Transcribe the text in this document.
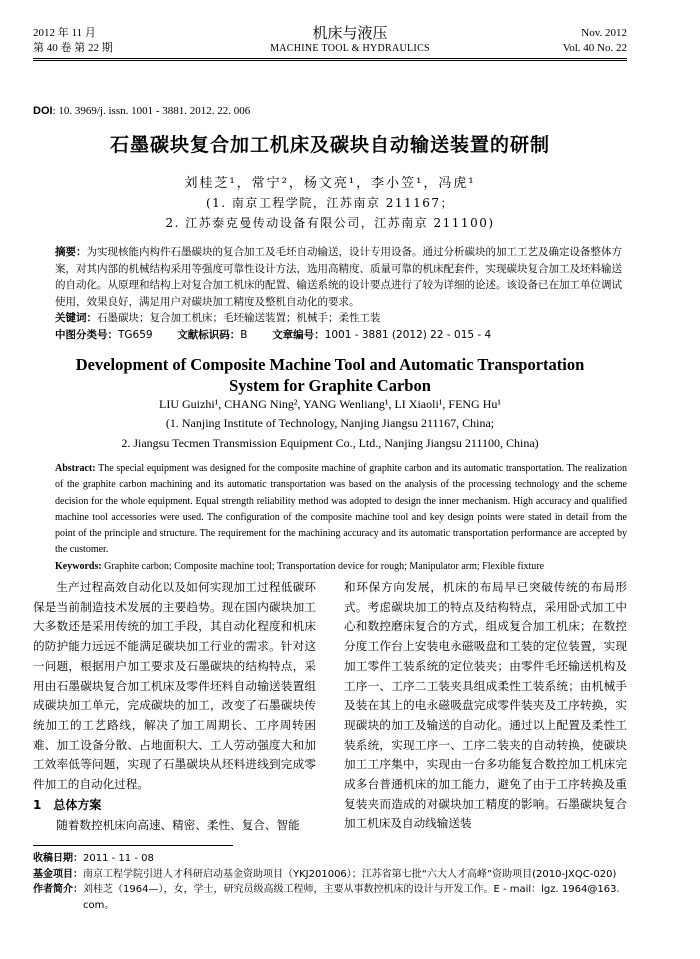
2012 年 11 月
第 40 卷 第 22 期
机床与液压
MACHINE TOOL & HYDRAULICS
Nov. 2012
Vol. 40 No. 22
DOI: 10. 3969/j. issn. 1001 - 3881. 2012. 22. 006
石墨碳块复合加工机床及碳块自动输送装置的研制
刘桂芝¹，常宁²，杨文亮¹，李小笠¹，冯虎¹
(1. 南京工程学院，江苏南京 211167；
2. 江苏泰克曼传动设备有限公司，江苏南京 211100)
摘要：为实现核能内构件石墨碳块的复合加工及毛坯自动输送，设计专用设备。通过分析碳块的加工工艺及确定设备整体方案，对其内部的机械结构采用等强度可靠性设计方法，选用高精度、质量可靠的机床配套件，实现碳块复合加工及坯料输送的自动化。从原理和结构上对复合加工机床的配置、输送系统的设计要点进行了较为详细的论述。该设备已在加工单位调试使用，效果良好，满足用户对碳块加工精度及整机自动化的要求。
关键词：石墨碳块；复合加工机床；毛坯输送装置；机械手；柔性工装
中图分类号：TG659 文献标识码：B 文章编号：1001 - 3881 (2012) 22 - 015 - 4
Development of Composite Machine Tool and Automatic Transportation
System for Graphite Carbon
LIU Guizhi¹, CHANG Ning², YANG Wenliang¹, LI Xiaoli¹, FENG Hu¹
(1. Nanjing Institute of Technology, Nanjing Jiangsu 211167, China;
2. Jiangsu Tecmen Transmission Equipment Co., Ltd., Nanjing Jiangsu 211100, China)
Abstract: The special equipment was designed for the composite machine of graphite carbon and its automatic transportation. The realization of the graphite carbon machining and its automatic transportation was based on the analysis of the processing technology and the scheme decision for the whole equipment. Equal strength reliability method was adopted to design the inner mechanism. High accuracy and qualified machine tool accessories were used. The configuration of the composite machine tool and key design points were stated in detail from the point of the principle and structure. The requirement for the machining accuracy and its automatic transportation performance are accepted by the customer.
Keywords: Graphite carbon; Composite machine tool; Transportation device for rough; Manipulator arm; Flexible fixture

生产过程高效自动化以及如何实现加工过程低碳环保是当前制造技术发展的主要趋势。现在国内碳块加工大多数还是采用传统的加工手段，其自动化程度和机床的防护能力远远不能满足碳块加工行业的需求。针对这一问题，根据用户加工要求及石墨碳块的结构特点，采用由石墨碳块复合加工机床及零件坯料自动输送装置组成碳块加工单元，完成碳块的加工，改变了石墨碳块传统加工的工艺路线，解决了加工周期长、工序周转困难、加工设备分散、占地面积大、工人劳动强度大和加工效率低等问题，实现了石墨碳块从坯料进线到完成零件加工的自动化过程。

1　总体方案

随着数控机床向高速、精密、柔性、复合、智能

和环保方向发展，机床的布局早已突破传统的布局形式。考虑碳块加工的特点及结构特点，采用卧式加工中心和数控磨床复合的方式，组成复合加工机床；在数控分度工作台上安装电永磁吸盘和工装的定位装置，实现加工零件工装系统的定位装夹；由零件毛坯输送机构及工序一、工序二工装夹具组成柔性工装系统；由机械手及装在其上的电永磁吸盘完成零件装夹及工序转换，实现碳块的加工及输送的自动化。通过以上配置及柔性工装系统，实现工序一、工序二装夹的自动转换，使碳块加工工序集中，实现由一台多功能复合数控加工机床完成多台普通机床的加工能力，避免了由于工序转换及重复装夹而造成的对碳块加工精度的影响。石墨碳块复合加工机床及自动线输送装

收稿日期： 2011 - 11 - 08
基金项目： 南京工程学院引进人才科研启动基金资助项目（YKJ201006）；江苏省第七批“六大人才高峰”资助项目(2010-JXQC-020)
作者简介： 刘桂芝（1964—），女，学士，研究员级高级工程师，主要从事数控机床的设计与开发工作。E - mail：lgz. 1964@163. com。
